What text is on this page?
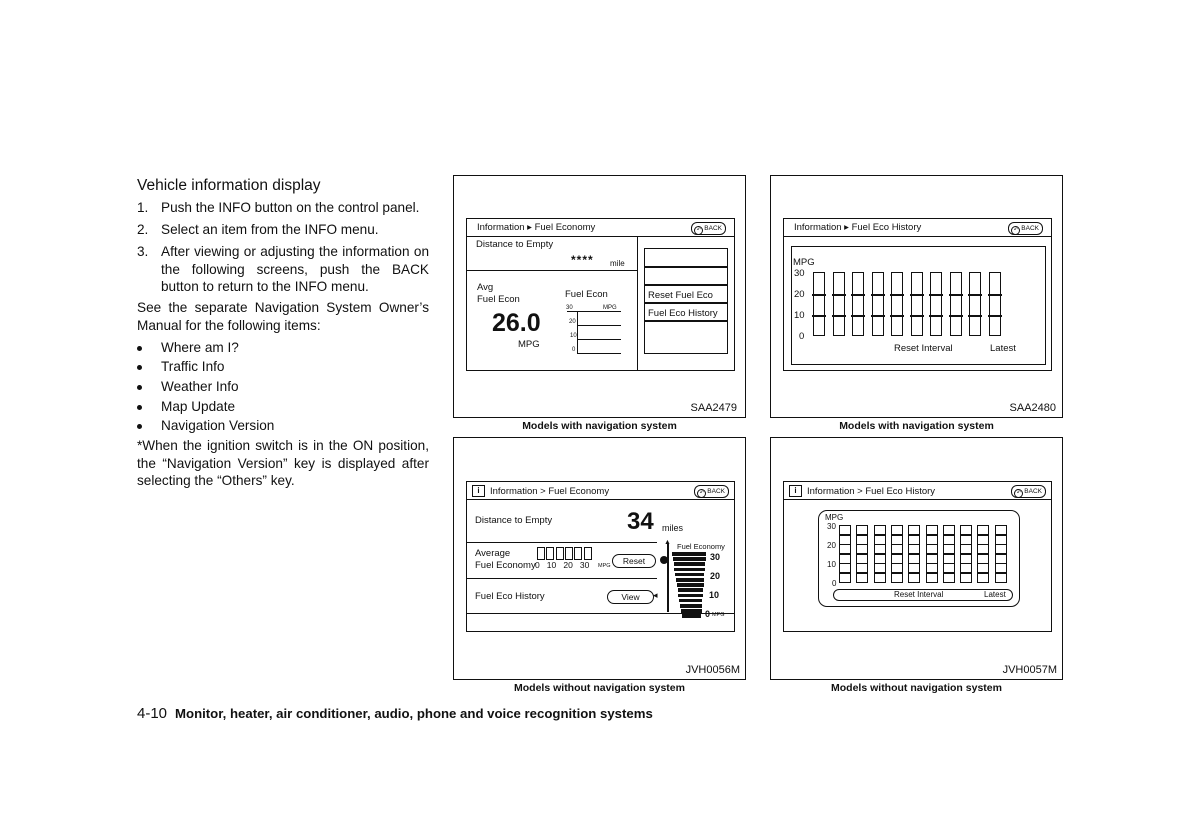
Vehicle information display
1. Push the INFO button on the control panel.
2. Select an item from the INFO menu.
3. After viewing or adjusting the information on the following screens, push the BACK button to return to the INFO menu.
See the separate Navigation System Owner’s Manual for the following items:
Where am I?
Traffic Info
Weather Info
Map Update
Navigation Version
*When the ignition switch is in the ON position, the “Navigation Version” key is displayed after selecting the “Others” key.
Information ▸ Fuel Economy	↶ BACK
Distance to Empty
**** mile
Avg
Fuel Econ
26.0
MPG
Fuel Econ
MPG
30
20
10
0
Reset Fuel Eco
Fuel Eco History
SAA2479
Models with navigation system
Information ▸ Fuel Eco History	↶ BACK
MPG
30
20
10
0
Reset Interval	Latest
SAA2480
Models with navigation system
i	Information > Fuel Economy	↶ BACK
Distance to Empty	34 miles
Average
Fuel Economy 0   10   20   30 MPG	Reset
Fuel Eco History	View	◂
▲ Fuel Economy
30
20
10
0 MPG
JVH0056M
Models without navigation system
i	Information > Fuel Eco History	↶ BACK
MPG
30
20
10
0
Reset Interval	Latest
JVH0057M
Models without navigation system
4-10 Monitor, heater, air conditioner, audio, phone and voice recognition systems
